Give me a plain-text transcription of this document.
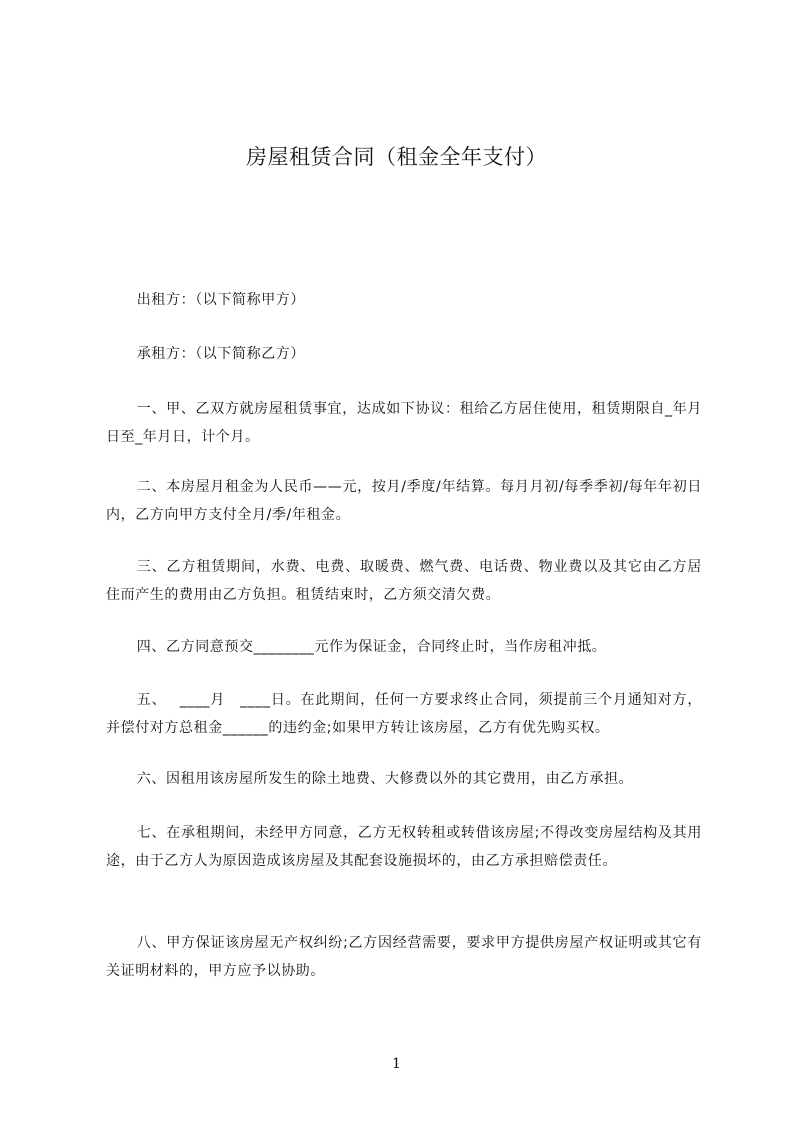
房屋租赁合同（租金全年支付）

出租方：（以下简称甲方）

承租方：（以下简称乙方）

一、甲、乙双方就房屋租赁事宜，达成如下协议：租给乙方居住使用，租赁期限自_年月日至_年月日，计个月。

二、本房屋月租金为人民币——元，按月/季度/年结算。每月月初/每季季初/每年年初日内，乙方向甲方支付全月/季/年租金。

三、乙方租赁期间，水费、电费、取暖费、燃气费、电话费、物业费以及其它由乙方居住而产生的费用由乙方负担。租赁结束时，乙方须交清欠费。

四、乙方同意预交________元作为保证金，合同终止时，当作房租冲抵。

五、　 ____月　____日。在此期间，任何一方要求终止合同，须提前三个月通知对方，并偿付对方总租金______的违约金;如果甲方转让该房屋，乙方有优先购买权。

六、因租用该房屋所发生的除土地费、大修费以外的其它费用，由乙方承担。

七、在承租期间，未经甲方同意，乙方无权转租或转借该房屋;不得改变房屋结构及其用途，由于乙方人为原因造成该房屋及其配套设施损坏的，由乙方承担赔偿责任。

八、甲方保证该房屋无产权纠纷;乙方因经营需要，要求甲方提供房屋产权证明或其它有关证明材料的，甲方应予以协助。

1
